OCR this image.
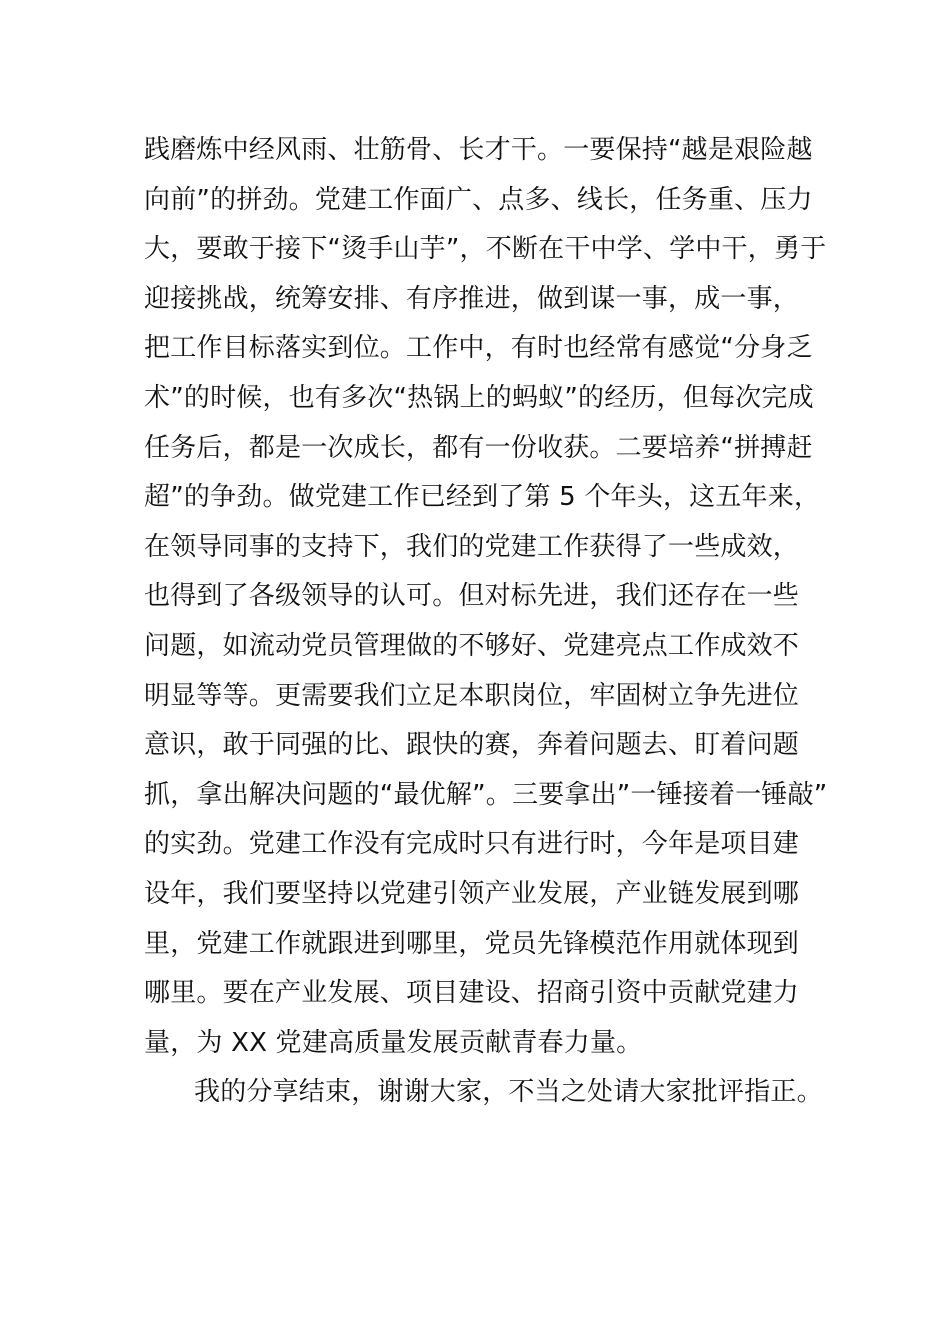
践磨炼中经风雨、壮筋骨、长才干。一要保持“越是艰险越
向前”的拼劲。党建工作面广、点多、线长，任务重、压力
大，要敢于接下“烫手山芋”，不断在干中学、学中干，勇于
迎接挑战，统筹安排、有序推进，做到谋一事，成一事，
把工作目标落实到位。工作中，有时也经常有感觉“分身乏
术”的时候，也有多次“热锅上的蚂蚁”的经历，但每次完成
任务后，都是一次成长，都有一份收获。二要培养“拼搏赶
超”的争劲。做党建工作已经到了第 5 个年头，这五年来，
在领导同事的支持下，我们的党建工作获得了一些成效，
也得到了各级领导的认可。但对标先进，我们还存在一些
问题，如流动党员管理做的不够好、党建亮点工作成效不
明显等等。更需要我们立足本职岗位，牢固树立争先进位
意识，敢于同强的比、跟快的赛，奔着问题去、盯着问题
抓，拿出解决问题的“最优解”。三要拿出”一锤接着一锤敲”
的实劲。党建工作没有完成时只有进行时，今年是项目建
设年，我们要坚持以党建引领产业发展，产业链发展到哪
里，党建工作就跟进到哪里，党员先锋模范作用就体现到
哪里。要在产业发展、项目建设、招商引资中贡献党建力
量，为 XX 党建高质量发展贡献青春力量。
我的分享结束，谢谢大家，不当之处请大家批评指正。
